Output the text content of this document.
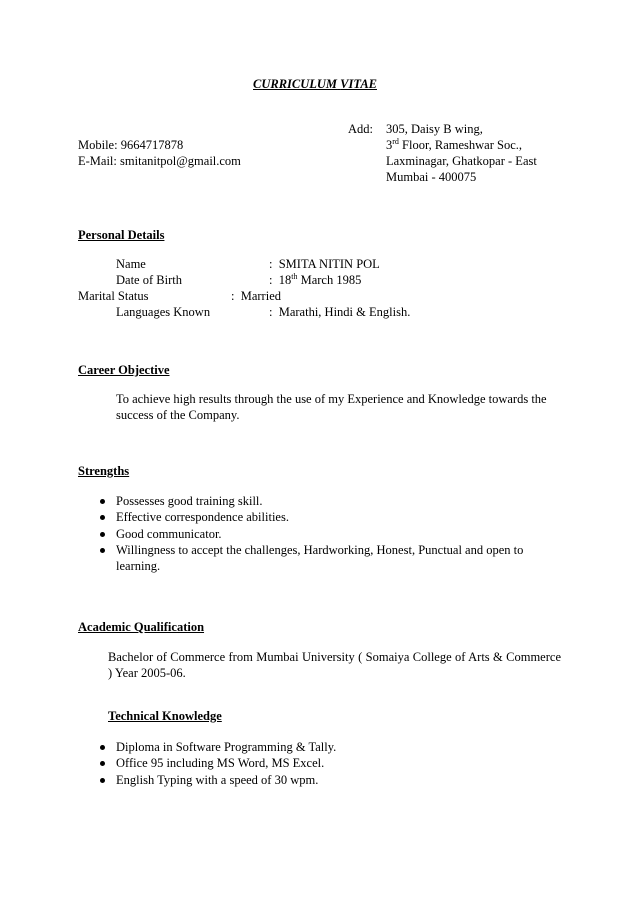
CURRICULUM VITAE
Mobile: 9664717878
E-Mail: smitanitpol@gmail.com
Add: 305, Daisy B wing,
3rd Floor, Rameshwar Soc.,
Laxminagar, Ghatkopar - East
Mumbai - 400075
Personal Details
Name	:  SMITA NITIN POL
Date of Birth	:  18th March 1985
Marital Status	:  Married
Languages Known	:  Marathi, Hindi & English.
Career Objective
To achieve high results through the use of my Experience and Knowledge towards the success of the Company.
Strengths
Possesses good training skill.
Effective correspondence abilities.
Good communicator.
Willingness to accept the challenges, Hardworking, Honest, Punctual and open to learning.
Academic Qualification
Bachelor of Commerce from Mumbai University ( Somaiya College of Arts & Commerce ) Year 2005-06.
Technical Knowledge
Diploma in Software Programming & Tally.
Office 95 including MS Word, MS Excel.
English Typing with a speed of 30 wpm.
